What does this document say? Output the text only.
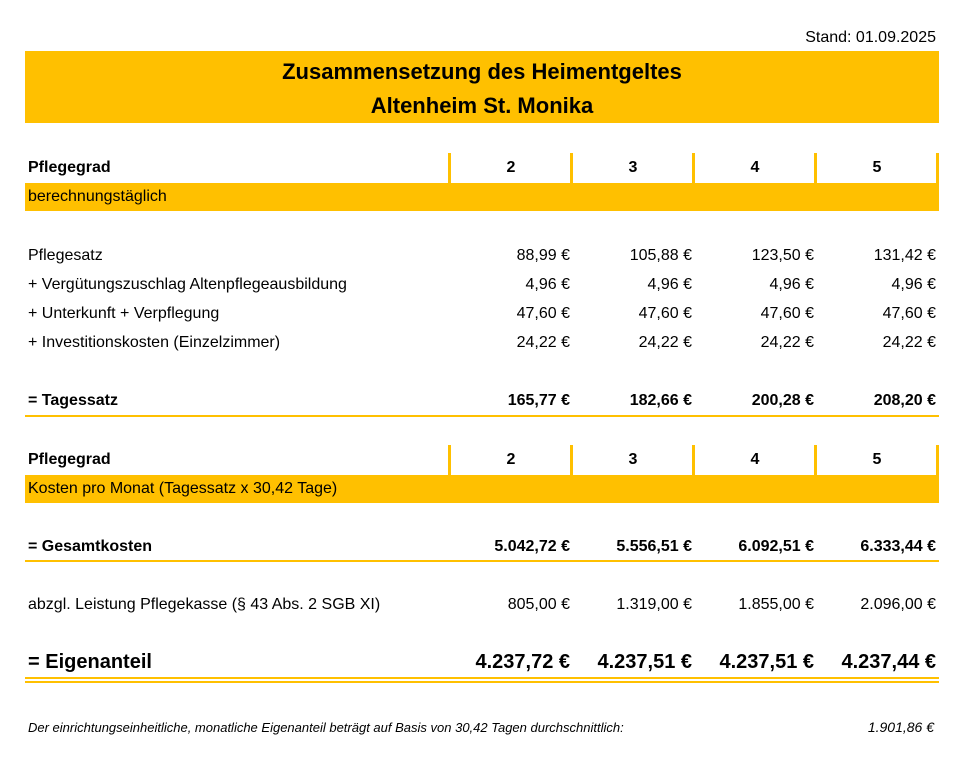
Stand: 01.09.2025
Zusammensetzung des Heimentgeltes
Altenheim St. Monika
Pflegegrad	2	3	4	5
berechnungstäglich
Pflegesatz	88,99 €	105,88 €	123,50 €	131,42 €
+ Vergütungszuschlag Altenpflegeausbildung	4,96 €	4,96 €	4,96 €	4,96 €
+ Unterkunft + Verpflegung	47,60 €	47,60 €	47,60 €	47,60 €
+ Investitionskosten (Einzelzimmer)	24,22 €	24,22 €	24,22 €	24,22 €
= Tagessatz	165,77 €	182,66 €	200,28 €	208,20 €
Pflegegrad	2	3	4	5
Kosten pro Monat (Tagessatz x 30,42 Tage)
= Gesamtkosten	5.042,72 €	5.556,51 €	6.092,51 €	6.333,44 €
abzgl. Leistung Pflegekasse (§ 43 Abs. 2 SGB XI)	805,00 €	1.319,00 €	1.855,00 €	2.096,00 €
= Eigenanteil	4.237,72 €	4.237,51 €	4.237,51 €	4.237,44 €
Der einrichtungseinheitliche, monatliche Eigenanteil beträgt auf Basis von 30,42 Tagen durchschnittlich:	1.901,86 €
